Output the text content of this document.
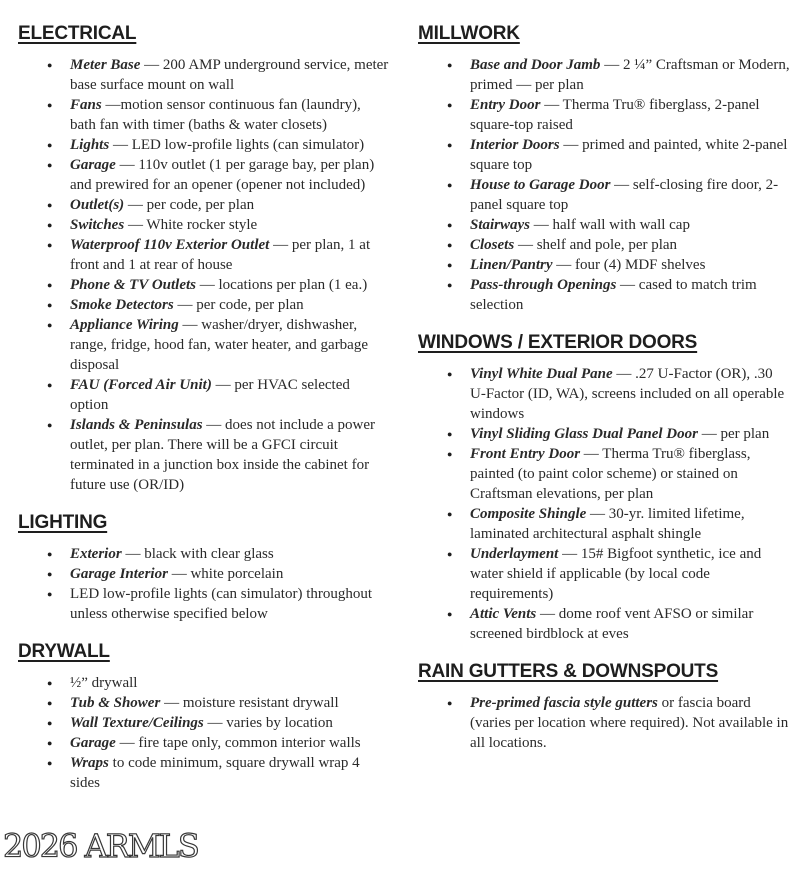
ELECTRICAL
● Meter Base — 200 AMP underground service, meter base surface mount on wall
● Fans —motion sensor continuous fan (laundry), bath fan with timer (baths & water closets)
● Lights — LED low-profile lights (can simulator)
● Garage — 110v outlet (1 per garage bay, per plan) and prewired for an opener (opener not included)
● Outlet(s) — per code, per plan
● Switches — White rocker style
● Waterproof 110v Exterior Outlet — per plan, 1 at front and 1 at rear of house
● Phone & TV Outlets — locations per plan (1 ea.)
● Smoke Detectors — per code, per plan
● Appliance Wiring — washer/dryer, dishwasher, range, fridge, hood fan, water heater, and garbage disposal
● FAU (Forced Air Unit) — per HVAC selected option
● Islands & Peninsulas — does not include a power outlet, per plan. There will be a GFCI circuit terminated in a junction box inside the cabinet for future use (OR/ID)
LIGHTING
● Exterior — black with clear glass
● Garage Interior — white porcelain
● LED low-profile lights (can simulator) throughout unless otherwise specified below
DRYWALL
● ½” drywall
● Tub & Shower — moisture resistant drywall
● Wall Texture/Ceilings — varies by location
● Garage — fire tape only, common interior walls
● Wraps to code minimum, square drywall wrap 4 sides
MILLWORK
● Base and Door Jamb — 2 ¼” Craftsman or Modern, primed — per plan
● Entry Door — Therma Tru® fiberglass, 2-panel square-top raised
● Interior Doors — primed and painted, white 2-panel square top
● House to Garage Door — self-closing fire door, 2-panel square top
● Stairways — half wall with wall cap
● Closets — shelf and pole, per plan
● Linen/Pantry — four (4) MDF shelves
● Pass-through Openings — cased to match trim selection
WINDOWS / EXTERIOR DOORS
● Vinyl White Dual Pane — .27 U-Factor (OR), .30 U-Factor (ID, WA), screens included on all operable windows
● Vinyl Sliding Glass Dual Panel Door — per plan
● Front Entry Door — Therma Tru® fiberglass, painted (to paint color scheme) or stained on Craftsman elevations, per plan
● Composite Shingle — 30-yr. limited lifetime, laminated architectural asphalt shingle
● Underlayment — 15# Bigfoot synthetic, ice and water shield if applicable (by local code requirements)
● Attic Vents — dome roof vent AFSO or similar screened birdblock at eves
RAIN GUTTERS & DOWNSPOUTS
● Pre-primed fascia style gutters or fascia board (varies per location where required). Not available in all locations.
2026 ARMLS
